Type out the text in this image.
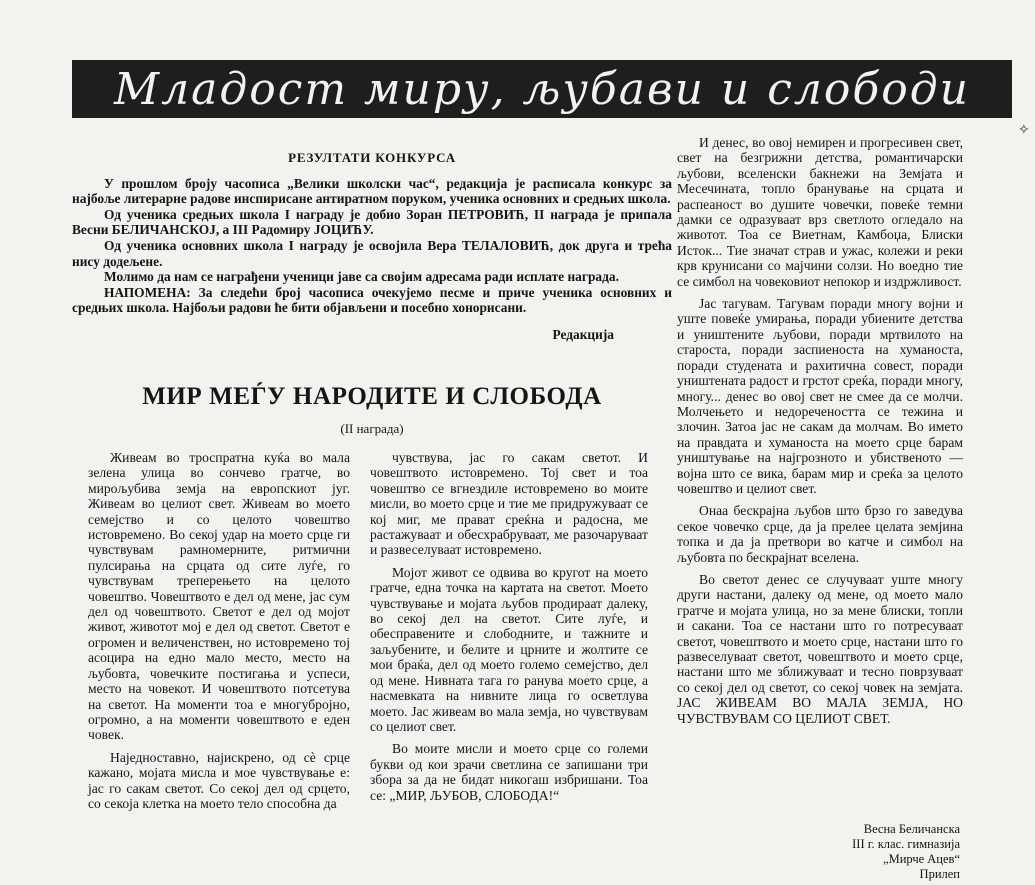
Младост миру, љубави и слободи
✧
РЕЗУЛТАТИ КОНКУРСА

У прошлом броју часописа „Велики школски час“, редакција је расписала конкурс за најбоље литерарне радове инспирисане антиратном поруком, ученика основних и средњих школа.

Од ученика средњих школа I награду је добио Зоран ПЕТРОВИЋ, II награда је припала Весни БЕЛИЧАНСКОЈ, а III Радомиру ЈОЦИЋУ.

Од ученика основних школа I награду је освојила Вера ТЕЛАЛОВИЋ, док друга и трећа нису додељене.

Молимо да нам се награђени ученици јаве са својим адресама ради исплате награда.

НАПОМЕНА: За следећи број часописа очекујемо песме и приче ученика основних и средњих школа. Најбољи радови ће бити објављени и посебно хонорисани.

Редакција

МИР МЕЃУ НАРОДИТЕ И СЛОБОДА
(II награда)

Живеам во троспратна куќа во мала зелена улица во сончево гратче, во мирољубива земја на европскиот југ. Живеам во целиот свет. Живеам во моето семејство и со целото човештво истовремено. Во секој удар на моето срце ги чувствувам рамномерните, ритмични пулсирања на срцата од сите луѓе, го чувствувам треперењето на целото човештво. Човештвото е дел од мене, јас сум дел од човештвото. Светот е дел од мојот живот, животот мој е дел од светот. Светот е огромен и величенствен, но истовремено тој асоцира на едно мало место, место на љубовта, човечките постигања и успеси, место на човекот. И човештвото потсетува на светот. На моменти тоа е многубројно, огромно, а на моменти човештвото е еден човек.

Наједноставно, најискрено, од сѐ срце кажано, мојата мисла и мое чувствување е: јас го сакам светот. Со секој дел од срцето, со секоја клетка на моето тело способна да

чувствува, јас го сакам светот. И човештвото истовремено. Тој свет и тоа човештво се вгнездиле истовремено во моите мисли, во моето срце и тие ме придружуваат се кој миг, ме прават среќна и радосна, ме растажуваат и обесхрабруваат, ме разочаруваат и развеселуваат истовремено.

Мојот живот се одвива во кругот на моето гратче, една точка на картата на светот. Моето чувствување и мојата љубов продираат далеку, во секој дел на светот. Сите луѓе, и обесправените и слободните, и тажните и заљубените, и белите и црните и жолтите се мои браќа, дел од моето големо семејство, дел од мене. Нивната тага го ранува моето срце, а насмевката на нивните лица го осветлува моето. Јас живеам во мала земја, но чувствувам со целиот свет.

Во моите мисли и моето срце со големи букви од кои зрачи светлина се запишани три збора за да не бидат никогаш избришани. Тоа се: „МИР, ЉУБОВ, СЛОБОДА!“

И денес, во овој немирен и прогресивен свет, свет на безгрижни детства, романтичарски љубови, вселенски бакнежи на Земјата и Месечината, топло бранување на срцата и распеаност во душите човечки, повеќе темни дамки се одразуваат врз светлото огледало на животот. Тоа се Виетнам, Камбоџа, Блиски Исток... Тие значат страв и ужас, колежи и реки крв крунисани со мајчини солзи. Но воедно тие се симбол на човековиот непокор и издржливост.

Јас тагувам. Тагувам поради многу војни и уште повеќе умирања, поради убиените детства и уништените љубови, поради мртвилото на староста, поради заспиеноста на хуманоста, поради студената и рахитична совест, поради уништената радост и грстот среќа, поради многу, многу... денес во овој свет не смее да се молчи. Молчењето и недоречеността се тежина и злочин. Затоа јас не сакам да молчам. Во името на правдата и хуманоста на моето срце барам уништување на најгрозното и убиственото — војна што се вика, барам мир и среќа за целото човештво и целиот свет.

Онаа бескрајна љубов што брзо го заведува секое човечко срце, да ја прелее целата земјина топка и да ја претвори во катче и симбол на љубовта по бескрајнат вселена.

Во светот денес се случуваат уште многу други настани, далеку од мене, од моето мало гратче и мојата улица, но за мене блиски, топли и сакани. Тоа се настани што го потресуваат светот, човештвото и моето срце, настани што го развеселуваат светот, човештвото и моето срце, настани што ме зближуваат и тесно поврзуваат со секој дел од светот, со секој човек на земјата. ЈАС ЖИВЕАМ ВО МАЛА ЗЕМЈА, НО ЧУВСТВУВАМ СО ЦЕЛИОТ СВЕТ.

Весна Беличанска
III г. клас. гимназија
„Мирче Ацев“
Прилеп
